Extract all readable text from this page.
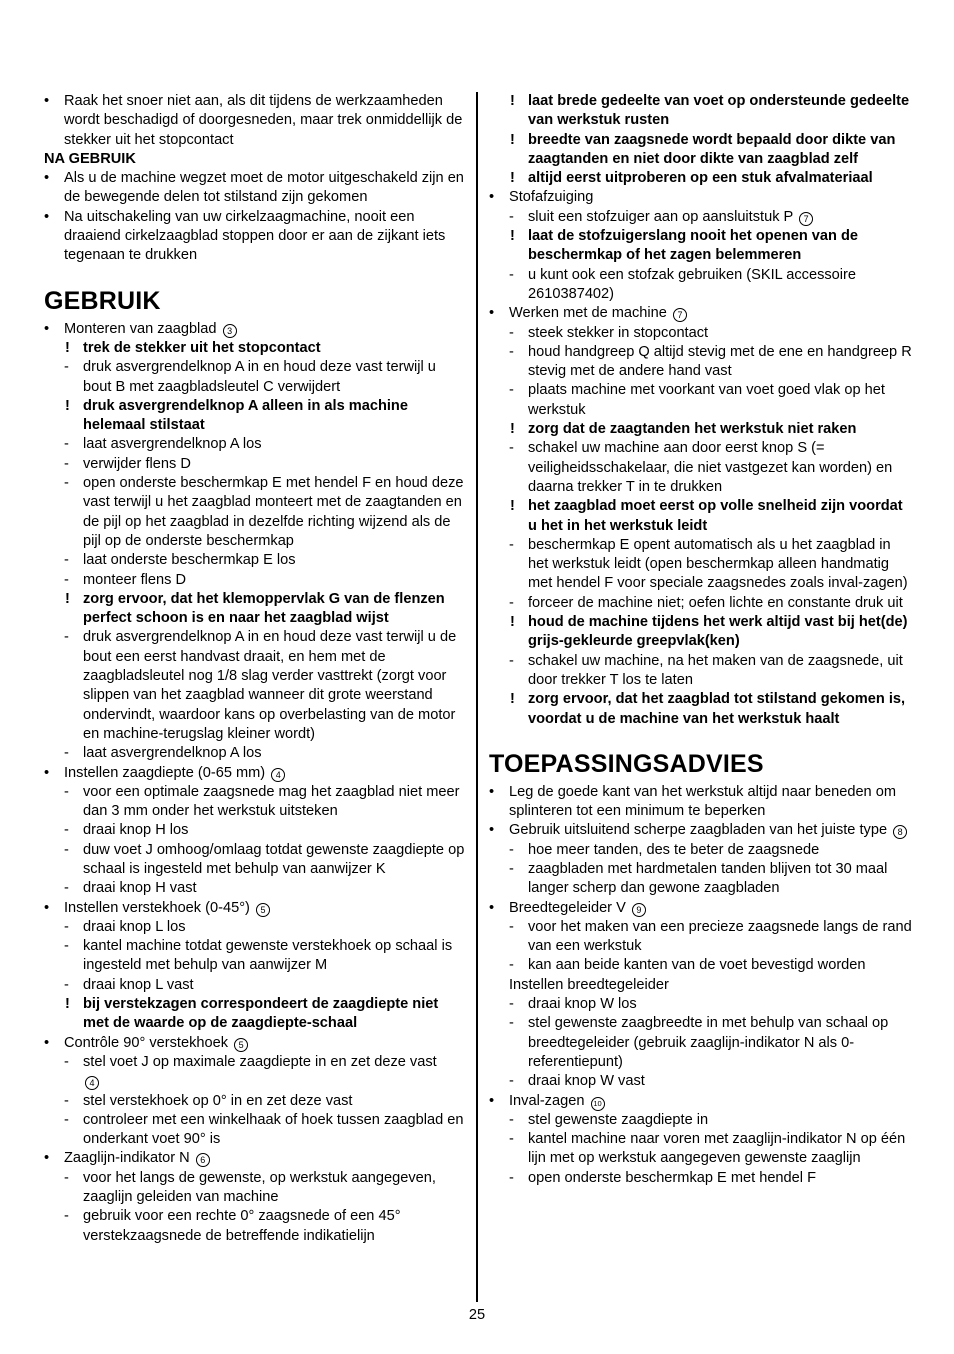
• Raak het snoer niet aan, als dit tijdens de werkzaamheden wordt beschadigd of doorgesneden, maar trek onmiddellijk de stekker uit het stopcontact
NA GEBRUIK
• Als u de machine wegzet moet de motor uitgeschakeld zijn en de bewegende delen tot stilstand zijn gekomen
• Na uitschakeling van uw cirkelzaagmachine, nooit een draaiend cirkelzaagblad stoppen door er aan de zijkant iets tegenaan te drukken
GEBRUIK
• Monteren van zaagblad 3
! trek de stekker uit het stopcontact
- druk asvergrendelknop A in en houd deze vast terwijl u bout B met zaagbladsleutel C verwijdert
! druk asvergrendelknop A alleen in als machine helemaal stilstaat
- laat asvergrendelknop A los
- verwijder flens D
- open onderste beschermkap E met hendel F en houd deze vast terwijl u het zaagblad monteert met de zaagtanden en de pijl op het zaagblad in dezelfde richting wijzend als de pijl op de onderste beschermkap
- laat onderste beschermkap E los
- monteer flens D
! zorg ervoor, dat het klemoppervlak G van de flenzen perfect schoon is en naar het zaagblad wijst
- druk asvergrendelknop A in en houd deze vast terwijl u de bout een eerst handvast draait, en hem met de zaagbladsleutel nog 1/8 slag verder vasttrekt (zorgt voor slippen van het zaagblad wanneer dit grote weerstand ondervindt, waardoor kans op overbelasting van de motor en machine-terugslag kleiner wordt)
- laat asvergrendelknop A los
• Instellen zaagdiepte (0-65 mm) 4
- voor een optimale zaagsnede mag het zaagblad niet meer dan 3 mm onder het werkstuk uitsteken
- draai knop H los
- duw voet J omhoog/omlaag totdat gewenste zaagdiepte op schaal is ingesteld met behulp van aanwijzer K
- draai knop H vast
• Instellen verstekhoek (0-45°) 5
- draai knop L los
- kantel machine totdat gewenste verstekhoek op schaal is ingesteld met behulp van aanwijzer M
- draai knop L vast
! bij verstekzagen correspondeert de zaagdiepte niet met de waarde op de zaagdiepte-schaal
• Contrôle 90° verstekhoek 5
- stel voet J op maximale zaagdiepte in en zet deze vast
4
- stel verstekhoek op 0° in en zet deze vast
- controleer met een winkelhaak of hoek tussen zaagblad en onderkant voet 90° is
• Zaaglijn-indikator N 6
- voor het langs de gewenste, op werkstuk aangegeven, zaaglijn geleiden van machine
- gebruik voor een rechte 0° zaagsnede of een 45° verstekzaagsnede de betreffende indikatielijn
! laat brede gedeelte van voet op ondersteunde gedeelte van werkstuk rusten
! breedte van zaagsnede wordt bepaald door dikte van zaagtanden en niet door dikte van zaagblad zelf
! altijd eerst uitproberen op een stuk afvalmateriaal
• Stofafzuiging
- sluit een stofzuiger aan op aansluitstuk P 7
! laat de stofzuigerslang nooit het openen van de beschermkap of het zagen belemmeren
- u kunt ook een stofzak gebruiken (SKIL accessoire 2610387402)
• Werken met de machine 7
- steek stekker in stopcontact
- houd handgreep Q altijd stevig met de ene en handgreep R stevig met de andere hand vast
- plaats machine met voorkant van voet goed vlak op het werkstuk
! zorg dat de zaagtanden het werkstuk niet raken
- schakel uw machine aan door eerst knop S (= veiligheidsschakelaar, die niet vastgezet kan worden) en daarna trekker T in te drukken
! het zaagblad moet eerst op volle snelheid zijn voordat u het in het werkstuk leidt
- beschermkap E opent automatisch als u het zaagblad in het werkstuk leidt (open beschermkap alleen handmatig met hendel F voor speciale zaagsnedes zoals inval-zagen)
- forceer de machine niet; oefen lichte en constante druk uit
! houd de machine tijdens het werk altijd vast bij het(de) grijs-gekleurde greepvlak(ken)
- schakel uw machine, na het maken van de zaagsnede, uit door trekker T los te laten
! zorg ervoor, dat het zaagblad tot stilstand gekomen is, voordat u de machine van het werkstuk haalt
TOEPASSINGSADVIES
• Leg de goede kant van het werkstuk altijd naar beneden om splinteren tot een minimum te beperken
• Gebruik uitsluitend scherpe zaagbladen van het juiste type 8
- hoe meer tanden, des te beter de zaagsnede
- zaagbladen met hardmetalen tanden blijven tot 30 maal langer scherp dan gewone zaagbladen
• Breedtegeleider V 9
- voor het maken van een precieze zaagsnede langs de rand van een werkstuk
- kan aan beide kanten van de voet bevestigd worden
Instellen breedtegeleider
- draai knop W los
- stel gewenste zaagbreedte in met behulp van schaal op breedtegeleider (gebruik zaaglijn-indikator N als 0-referentiepunt)
- draai knop W vast
• Inval-zagen 10
- stel gewenste zaagdiepte in
- kantel machine naar voren met zaaglijn-indikator N op één lijn met op werkstuk aangegeven gewenste zaaglijn
- open onderste beschermkap E met hendel F
25
